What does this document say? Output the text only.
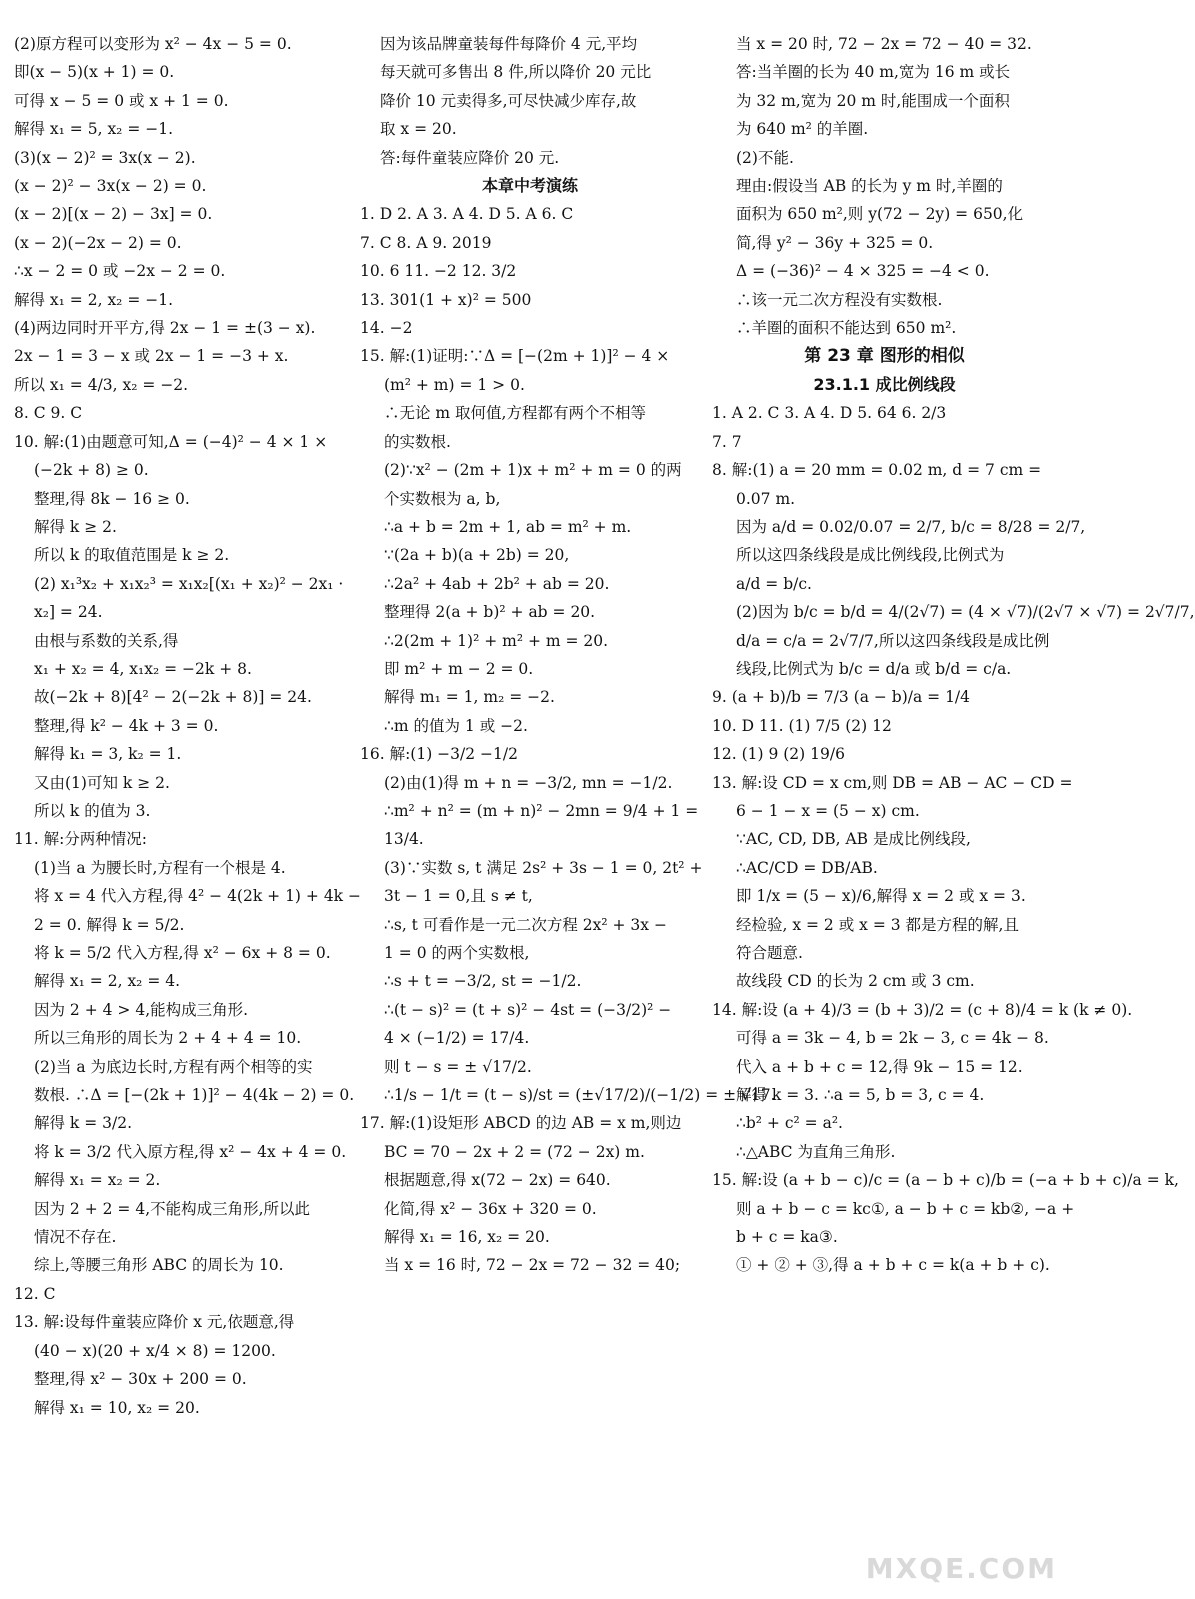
(2)原方程可以变形为 x² − 4x − 5 = 0.
即(x − 5)(x + 1) = 0.
可得 x − 5 = 0 或 x + 1 = 0.
解得 x₁ = 5, x₂ = −1.
(3)(x − 2)² = 3x(x − 2).
(x − 2)² − 3x(x − 2) = 0.
(x − 2)[(x − 2) − 3x] = 0.
(x − 2)(−2x − 2) = 0.
∴x − 2 = 0 或 −2x − 2 = 0.
解得 x₁ = 2, x₂ = −1.
(4)两边同时开平方,得 2x − 1 = ±(3 − x).
2x − 1 = 3 − x 或 2x − 1 = −3 + x.
所以 x₁ = 4/3, x₂ = −2.
8. C 9. C
10. 解:(1)由题意可知,Δ = (−4)² − 4 × 1 ×
(−2k + 8) ≥ 0.
整理,得 8k − 16 ≥ 0.
解得 k ≥ 2.
所以 k 的取值范围是 k ≥ 2.
(2) x₁³x₂ + x₁x₂³ = x₁x₂[(x₁ + x₂)² − 2x₁ ·
x₂] = 24.
由根与系数的关系,得
x₁ + x₂ = 4, x₁x₂ = −2k + 8.
故(−2k + 8)[4² − 2(−2k + 8)] = 24.
整理,得 k² − 4k + 3 = 0.
解得 k₁ = 3, k₂ = 1.
又由(1)可知 k ≥ 2.
所以 k 的值为 3.
11. 解:分两种情况:
(1)当 a 为腰长时,方程有一个根是 4.
将 x = 4 代入方程,得 4² − 4(2k + 1) + 4k −
2 = 0. 解得 k = 5/2.
将 k = 5/2 代入方程,得 x² − 6x + 8 = 0.
解得 x₁ = 2, x₂ = 4.
因为 2 + 4 > 4,能构成三角形.
所以三角形的周长为 2 + 4 + 4 = 10.
(2)当 a 为底边长时,方程有两个相等的实
数根. ∴Δ = [−(2k + 1)]² − 4(4k − 2) = 0.
解得 k = 3/2.
将 k = 3/2 代入原方程,得 x² − 4x + 4 = 0.
解得 x₁ = x₂ = 2.
因为 2 + 2 = 4,不能构成三角形,所以此
情况不存在.
综上,等腰三角形 ABC 的周长为 10.
12. C
13. 解:设每件童装应降价 x 元,依题意,得
(40 − x)(20 + x/4 × 8) = 1200.
整理,得 x² − 30x + 200 = 0.
解得 x₁ = 10, x₂ = 20.
因为该品牌童装每件每降价 4 元,平均
每天就可多售出 8 件,所以降价 20 元比
降价 10 元卖得多,可尽快减少库存,故
取 x = 20.
答:每件童装应降价 20 元.
本章中考演练
1. D 2. A 3. A 4. D 5. A 6. C
7. C 8. A 9. 2019
10. 6 11. −2 12. 3/2
13. 301(1 + x)² = 500
14. −2
15. 解:(1)证明:∵Δ = [−(2m + 1)]² − 4 ×
(m² + m) = 1 > 0.
∴无论 m 取何值,方程都有两个不相等
的实数根.
(2)∵x² − (2m + 1)x + m² + m = 0 的两
个实数根为 a, b,
∴a + b = 2m + 1, ab = m² + m.
∵(2a + b)(a + 2b) = 20,
∴2a² + 4ab + 2b² + ab = 20.
整理得 2(a + b)² + ab = 20.
∴2(2m + 1)² + m² + m = 20.
即 m² + m − 2 = 0.
解得 m₁ = 1, m₂ = −2.
∴m 的值为 1 或 −2.
16. 解:(1) −3/2 −1/2
(2)由(1)得 m + n = −3/2, mn = −1/2.
∴m² + n² = (m + n)² − 2mn = 9/4 + 1 =
13/4.
(3)∵实数 s, t 满足 2s² + 3s − 1 = 0, 2t² +
3t − 1 = 0,且 s ≠ t,
∴s, t 可看作是一元二次方程 2x² + 3x −
1 = 0 的两个实数根,
∴s + t = −3/2, st = −1/2.
∴(t − s)² = (t + s)² − 4st = (−3/2)² −
4 × (−1/2) = 17/4.
则 t − s = ± √17/2.
∴1/s − 1/t = (t − s)/st = (±√17/2)/(−1/2) = ± √17.
17. 解:(1)设矩形 ABCD 的边 AB = x m,则边
BC = 70 − 2x + 2 = (72 − 2x) m.
根据题意,得 x(72 − 2x) = 640.
化简,得 x² − 36x + 320 = 0.
解得 x₁ = 16, x₂ = 20.
当 x = 16 时, 72 − 2x = 72 − 32 = 40;
当 x = 20 时, 72 − 2x = 72 − 40 = 32.
答:当羊圈的长为 40 m,宽为 16 m 或长
为 32 m,宽为 20 m 时,能围成一个面积
为 640 m² 的羊圈.
(2)不能.
理由:假设当 AB 的长为 y m 时,羊圈的
面积为 650 m²,则 y(72 − 2y) = 650,化
简,得 y² − 36y + 325 = 0.
Δ = (−36)² − 4 × 325 = −4 < 0.
∴该一元二次方程没有实数根.
∴羊圈的面积不能达到 650 m².
第 23 章 图形的相似
23.1.1 成比例线段
1. A 2. C 3. A 4. D 5. 64 6. 2/3
7. 7
8. 解:(1) a = 20 mm = 0.02 m, d = 7 cm =
0.07 m.
因为 a/d = 0.02/0.07 = 2/7, b/c = 8/28 = 2/7,
所以这四条线段是成比例线段,比例式为
a/d = b/c.
(2)因为 b/c = b/d = 4/(2√7) = (4 × √7)/(2√7 × √7) = 2√7/7,
d/a = c/a = 2√7/7,所以这四条线段是成比例
线段,比例式为 b/c = d/a 或 b/d = c/a.
9. (a + b)/b = 7/3 (a − b)/a = 1/4
10. D 11. (1) 7/5 (2) 12
12. (1) 9 (2) 19/6
13. 解:设 CD = x cm,则 DB = AB − AC − CD =
6 − 1 − x = (5 − x) cm.
∵AC, CD, DB, AB 是成比例线段,
∴AC/CD = DB/AB.
即 1/x = (5 − x)/6,解得 x = 2 或 x = 3.
经检验, x = 2 或 x = 3 都是方程的解,且
符合题意.
故线段 CD 的长为 2 cm 或 3 cm.
14. 解:设 (a + 4)/3 = (b + 3)/2 = (c + 8)/4 = k (k ≠ 0).
可得 a = 3k − 4, b = 2k − 3, c = 4k − 8.
代入 a + b + c = 12,得 9k − 15 = 12.
解得 k = 3. ∴a = 5, b = 3, c = 4.
∴b² + c² = a².
∴△ABC 为直角三角形.
15. 解:设 (a + b − c)/c = (a − b + c)/b = (−a + b + c)/a = k,
则 a + b − c = kc①, a − b + c = kb②, −a +
b + c = ka③.
① + ② + ③,得 a + b + c = k(a + b + c).
MXQE.COM
